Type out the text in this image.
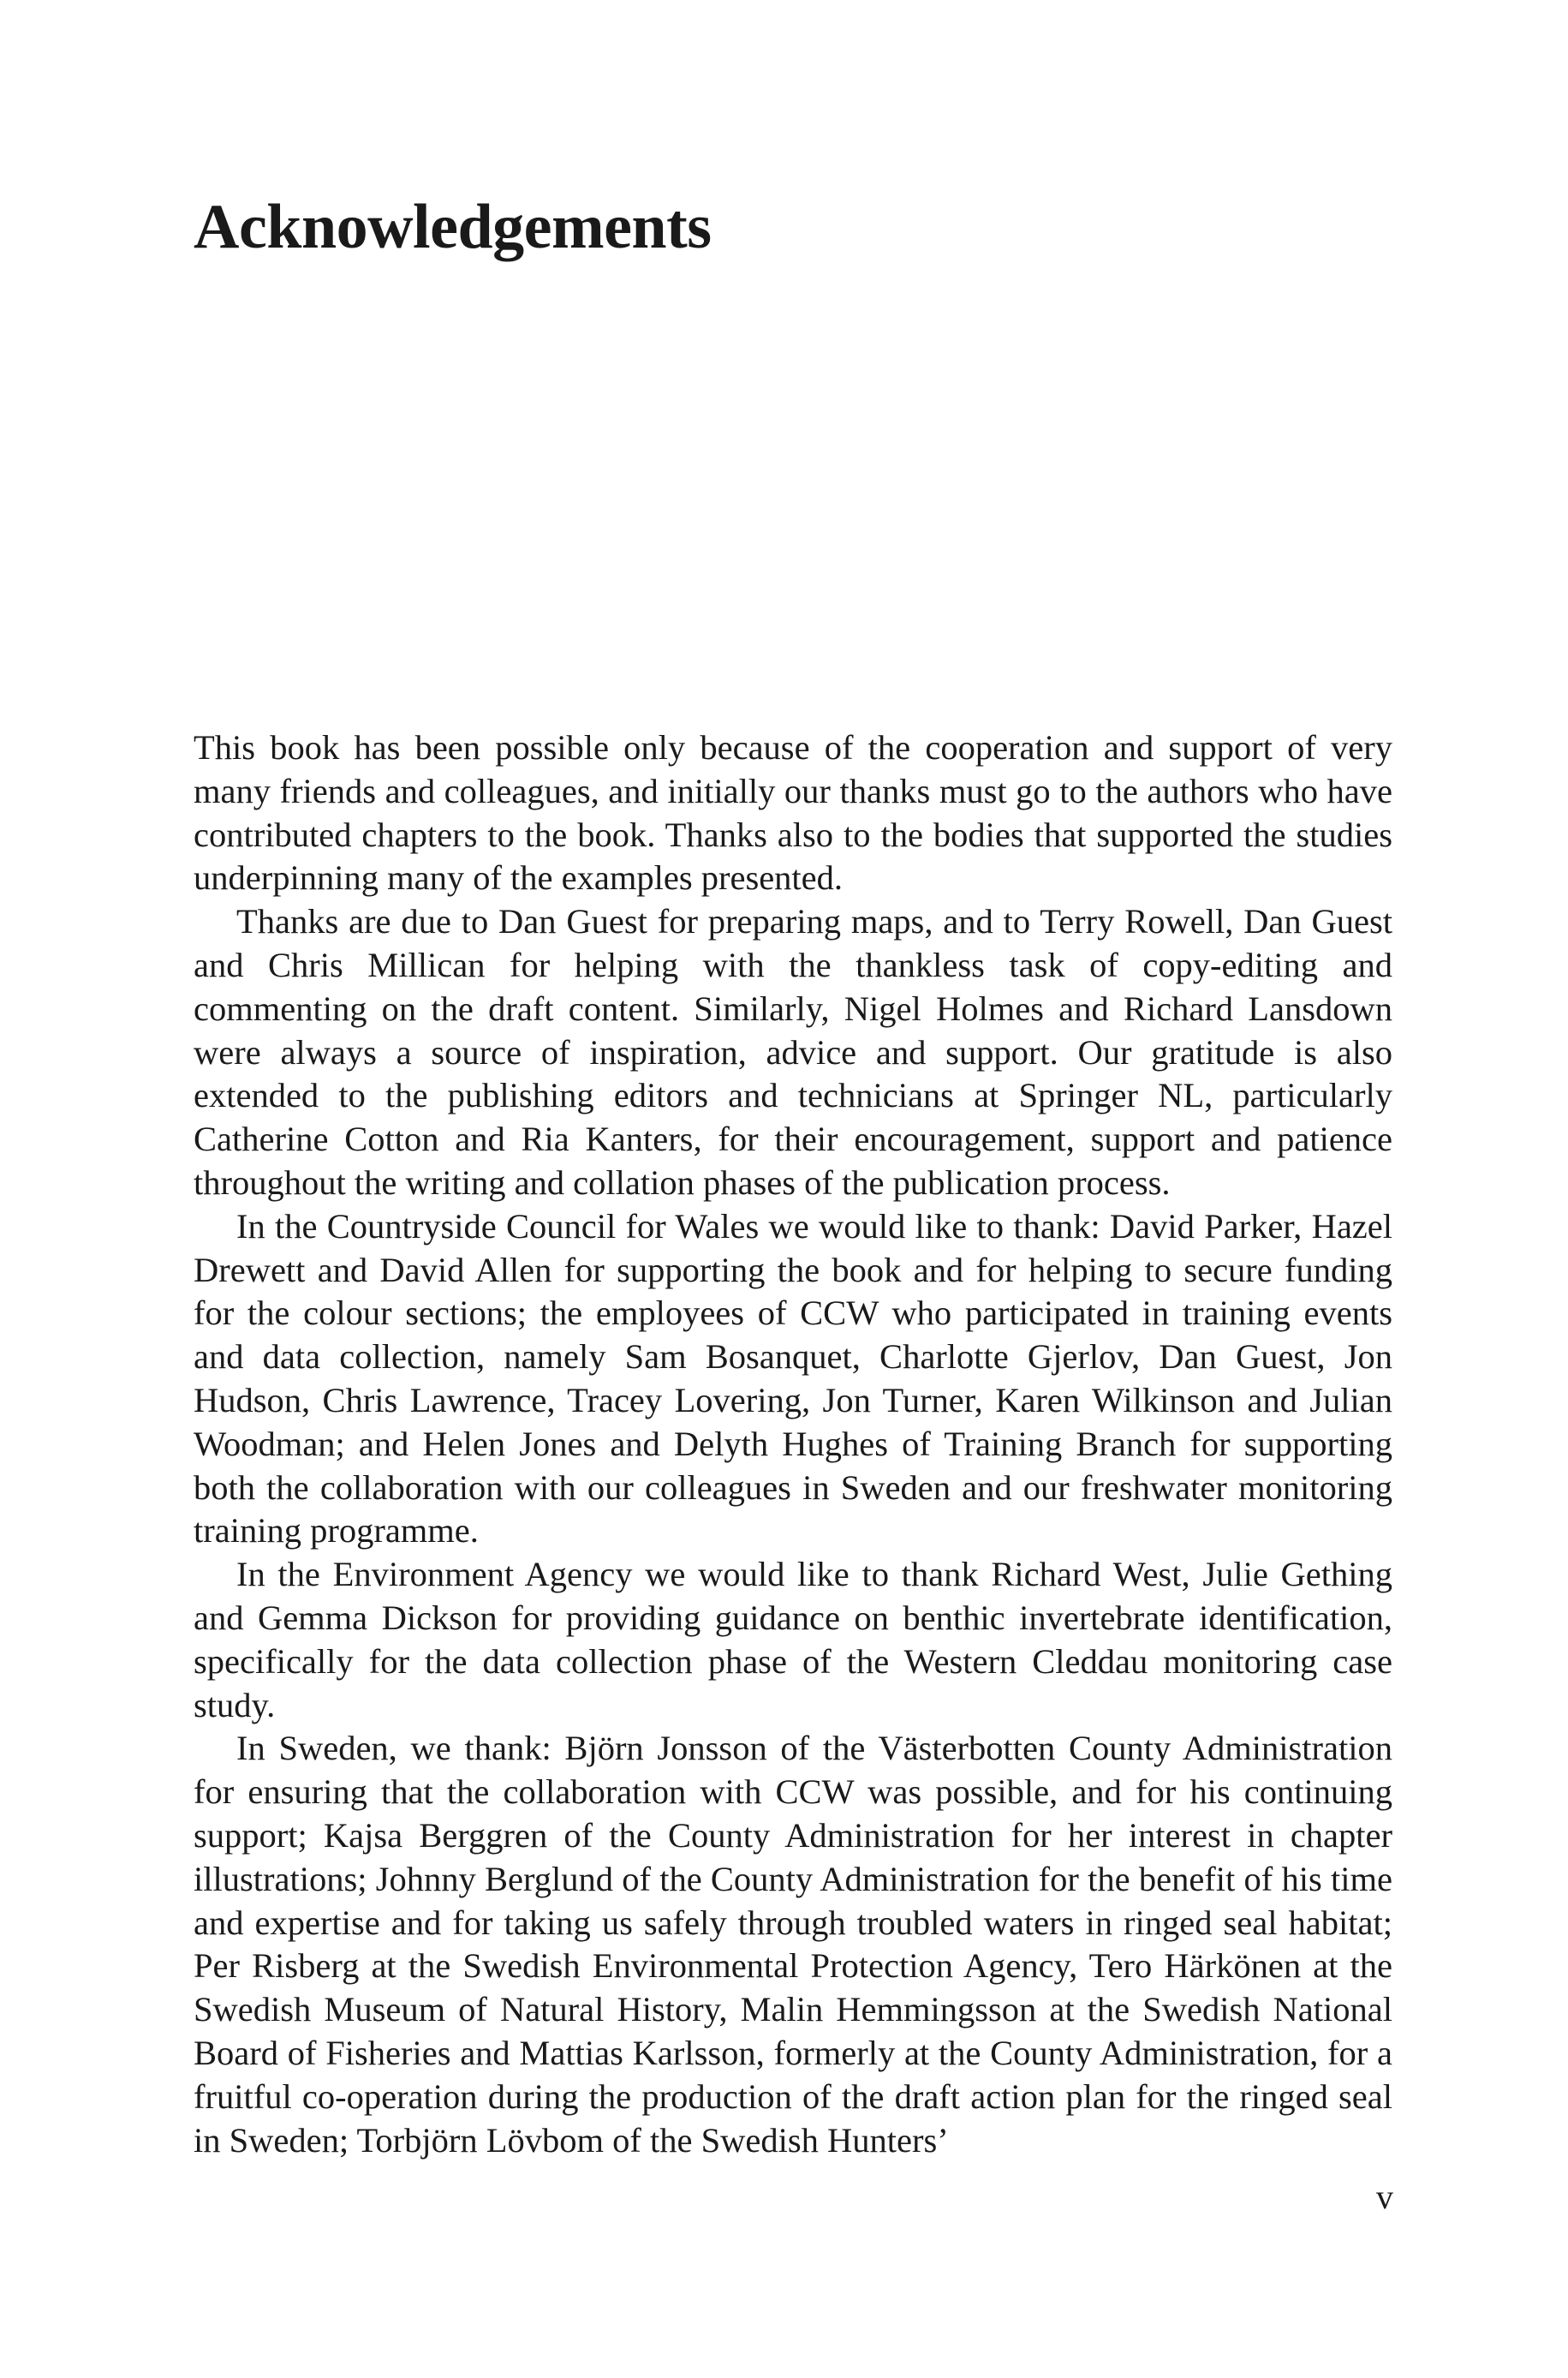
Acknowledgements

This book has been possible only because of the cooperation and support of very many friends and colleagues, and initially our thanks must go to the authors who have contributed chapters to the book. Thanks also to the bodies that supported the studies underpinning many of the examples presented.

Thanks are due to Dan Guest for preparing maps, and to Terry Rowell, Dan Guest and Chris Millican for helping with the thankless task of copy-editing and commenting on the draft content. Similarly, Nigel Holmes and Richard Lansdown were always a source of inspiration, advice and support. Our gratitude is also extended to the publishing editors and technicians at Springer NL, particularly Catherine Cotton and Ria Kanters, for their encouragement, support and patience throughout the writing and collation phases of the publication process.

In the Countryside Council for Wales we would like to thank: David Parker, Hazel Drewett and David Allen for supporting the book and for helping to secure funding for the colour sections; the employees of CCW who participated in training events and data collection, namely Sam Bosanquet, Charlotte Gjerlov, Dan Guest, Jon Hudson, Chris Lawrence, Tracey Lovering, Jon Turner, Karen Wilkinson and Julian Woodman; and Helen Jones and Delyth Hughes of Training Branch for supporting both the collaboration with our colleagues in Sweden and our freshwater monitoring training programme.

In the Environment Agency we would like to thank Richard West, Julie Gething and Gemma Dickson for providing guidance on benthic invertebrate identification, specifically for the data collection phase of the Western Cleddau monitoring case study.

In Sweden, we thank: Björn Jonsson of the Västerbotten County Administration for ensuring that the collaboration with CCW was possible, and for his continuing support; Kajsa Berggren of the County Administration for her interest in chapter illustrations; Johnny Berglund of the County Administration for the benefit of his time and expertise and for taking us safely through troubled waters in ringed seal habitat; Per Risberg at the Swedish Environmental Protection Agency, Tero Härkönen at the Swedish Museum of Natural History, Malin Hemmingsson at the Swedish National Board of Fisheries and Mattias Karlsson, formerly at the County Administration, for a fruitful co-operation during the production of the draft action plan for the ringed seal in Sweden; Torbjörn Lövbom of the Swedish Hunters’

v
